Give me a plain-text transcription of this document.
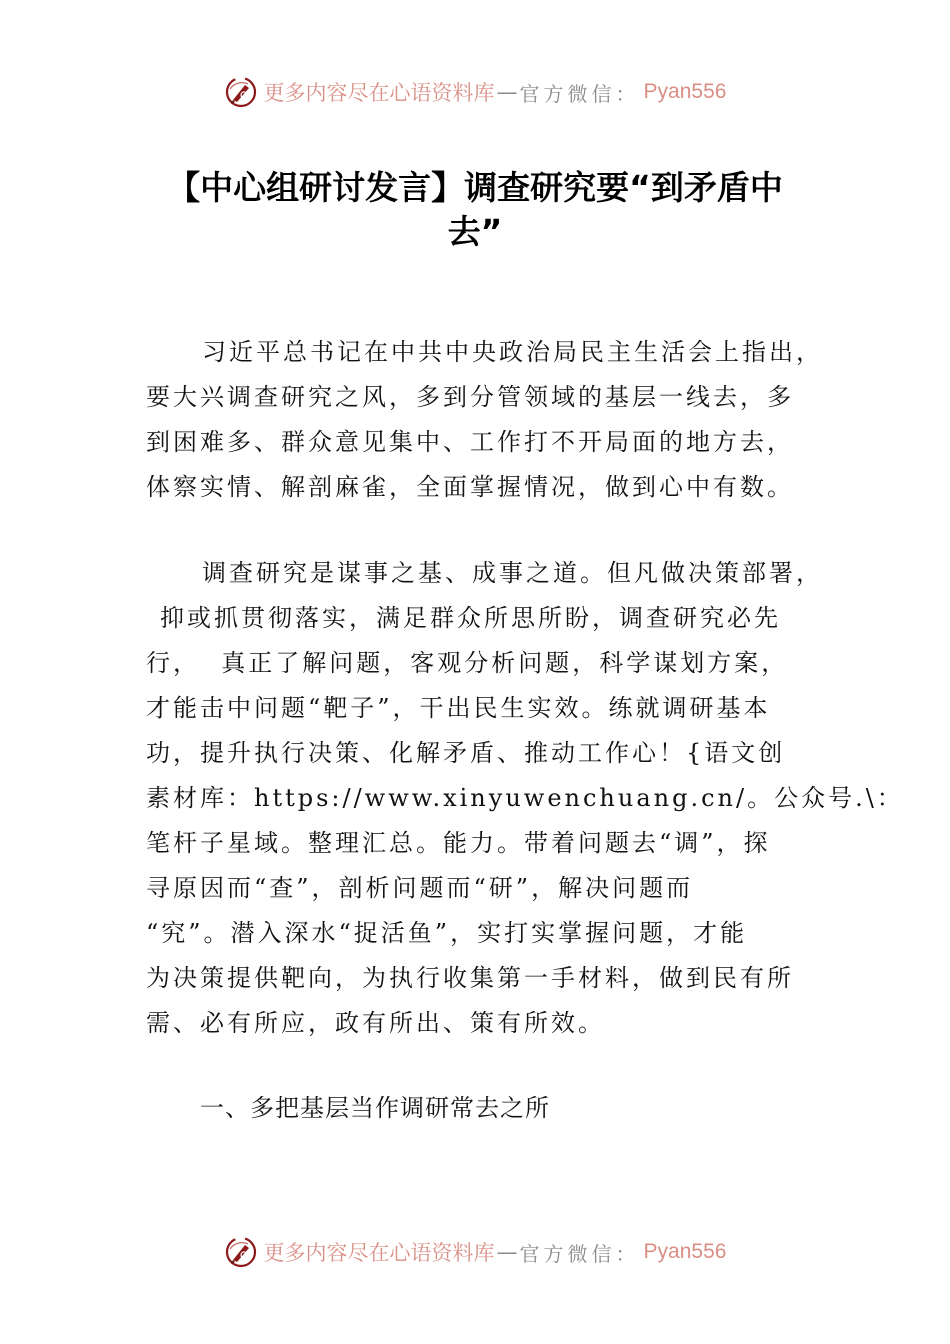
更多内容尽在心语资料库 — 官方微信： Pyan556
【中心组研讨发言】调查研究要“到矛盾中
去”
习近平总书记在中共中央政治局民主生活会上指出，
要大兴调查研究之风，多到分管领域的基层一线去，多
到困难多、群众意见集中、工作打不开局面的地方去，
体察实情、解剖麻雀，全面掌握情况，做到心中有数。
调查研究是谋事之基、成事之道。但凡做决策部署，
抑或抓贯彻落实，满足群众所思所盼，调查研究必先
行，  真正了解问题，客观分析问题，科学谋划方案，
才能击中问题“靶子”，干出民生实效。练就调研基本
功，提升执行决策、化解矛盾、推动工作心！{语文创
素材库：https://www.xinyuwenchuang.cn/。公众号.\：
笔杆子星域。整理汇总。能力。带着问题去“调”，探
寻原因而“查”，剖析问题而“研”，解决问题而
“究”。潜入深水“捉活鱼”，实打实掌握问题，才能
为决策提供靶向，为执行收集第一手材料，做到民有所
需、必有所应，政有所出、策有所效。
一、多把基层当作调研常去之所
更多内容尽在心语资料库 — 官方微信： Pyan556
